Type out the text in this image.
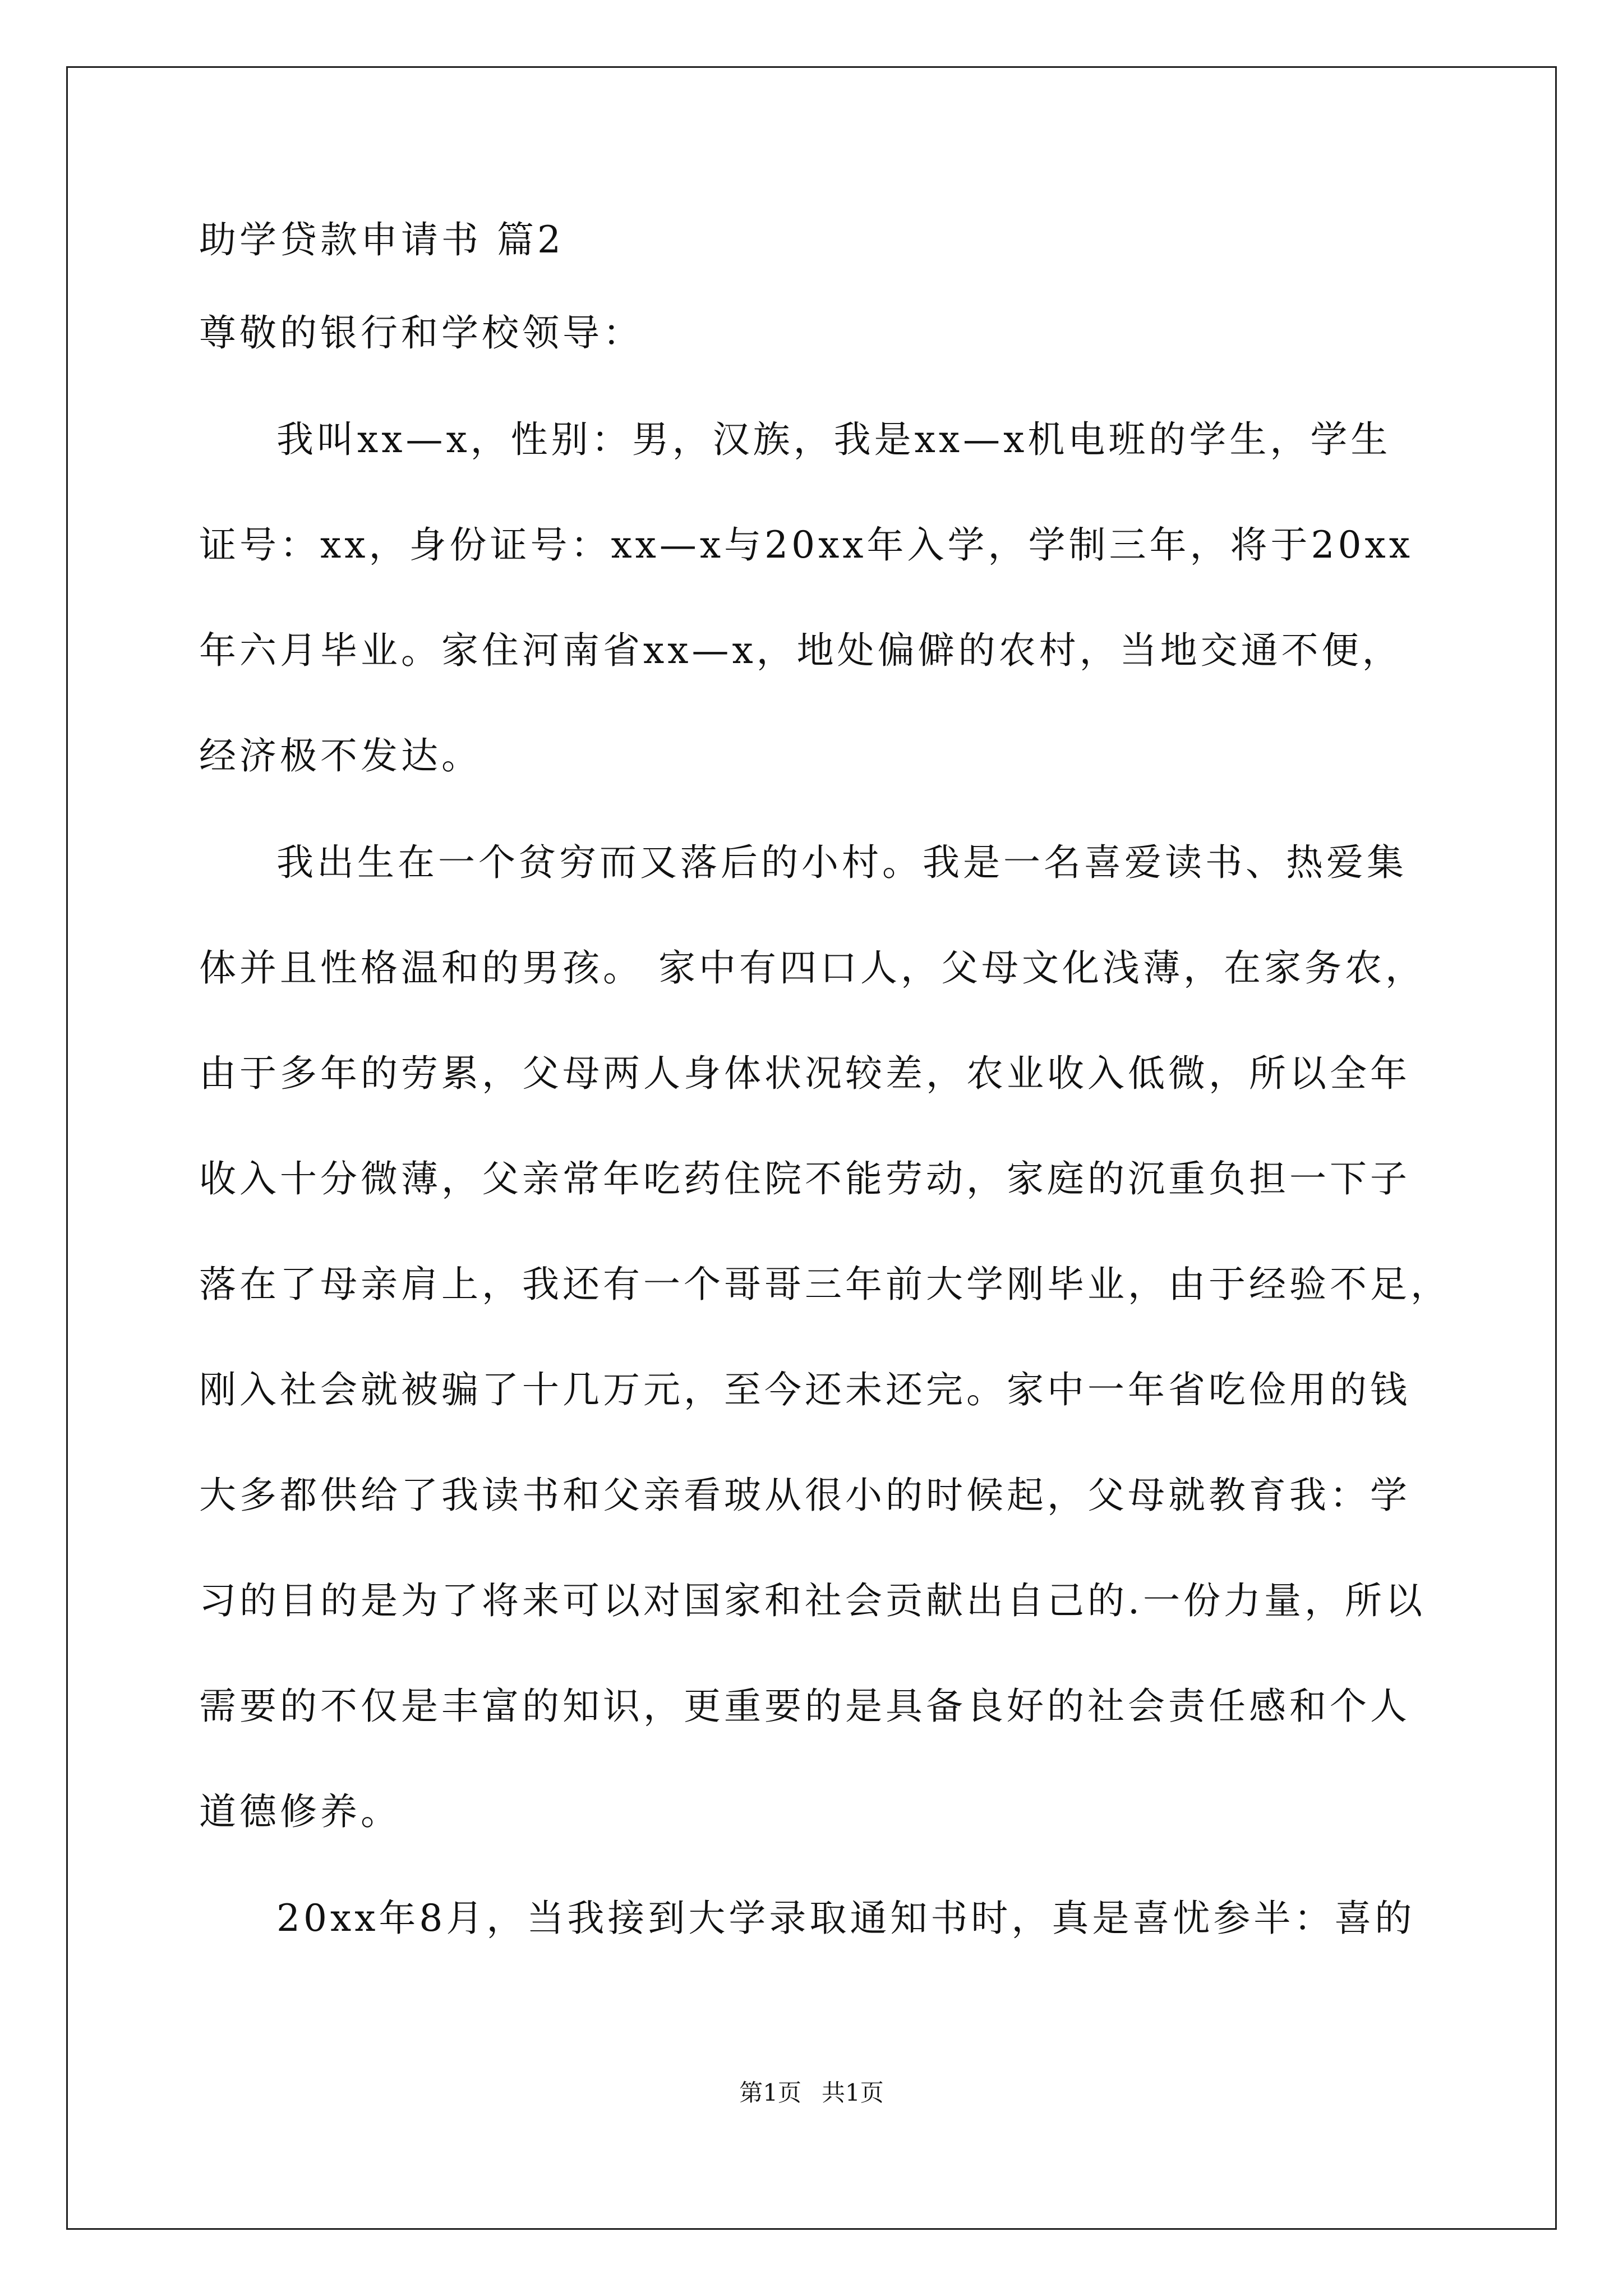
助学贷款申请书 篇2
尊敬的银行和学校领导：
我叫xx—x，性别：男，汉族，我是xx—x机电班的学生，学生
证号：xx，身份证号：xx—x与20xx年入学，学制三年，将于20xx
年六月毕业。家住河南省xx—x，地处偏僻的农村，当地交通不便，
经济极不发达。
我出生在一个贫穷而又落后的小村。我是一名喜爱读书、热爱集
体并且性格温和的男孩。 家中有四口人，父母文化浅薄，在家务农，
由于多年的劳累，父母两人身体状况较差，农业收入低微，所以全年
收入十分微薄，父亲常年吃药住院不能劳动，家庭的沉重负担一下子
落在了母亲肩上，我还有一个哥哥三年前大学刚毕业，由于经验不足，
刚入社会就被骗了十几万元，至今还未还完。家中一年省吃俭用的钱
大多都供给了我读书和父亲看玻从很小的时候起，父母就教育我：学
习的目的是为了将来可以对国家和社会贡献出自己的.一份力量，所以
需要的不仅是丰富的知识，更重要的是具备良好的社会责任感和个人
道德修养。
20xx年8月，当我接到大学录取通知书时，真是喜忧参半：喜的
第1页 共1页
